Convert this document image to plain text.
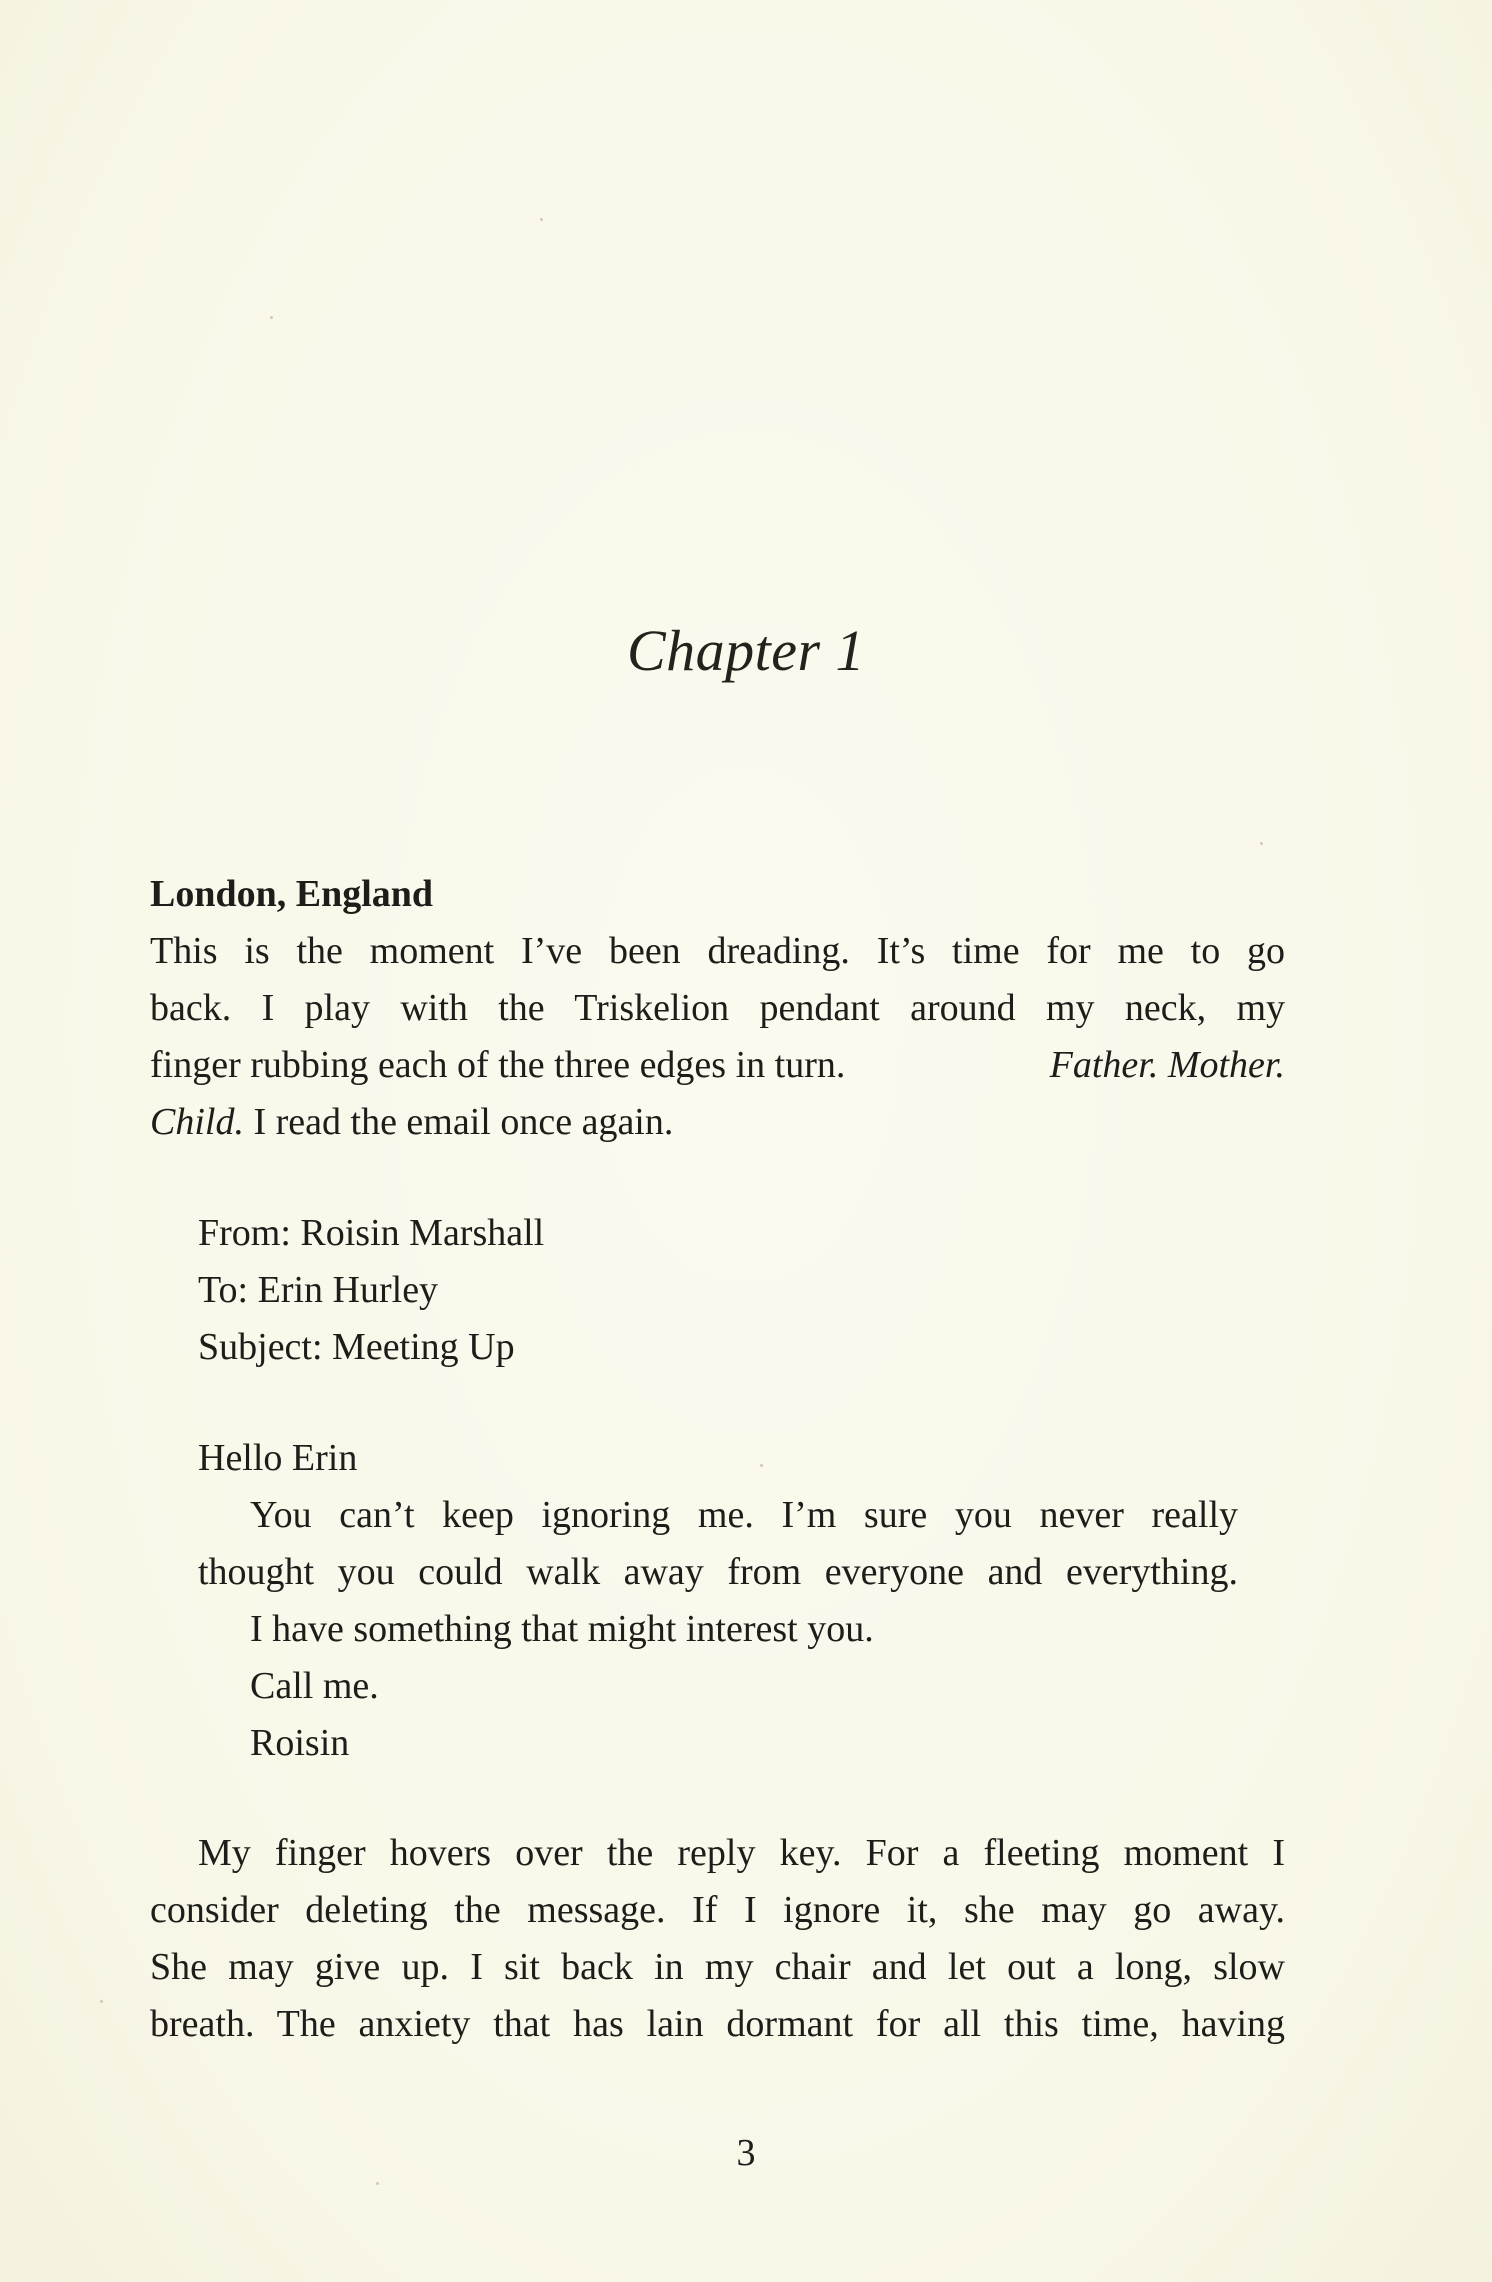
Chapter 1
London, England
This is the moment I’ve been dreading. It’s time for me to go
back. I play with the Triskelion pendant around my neck, my
finger rubbing each of the three edges in turn.	Father. Mother.
Child. I read the email once again.
From: Roisin Marshall
To: Erin Hurley
Subject: Meeting Up
Hello Erin
You can’t keep ignoring me. I’m sure you never really
thought you could walk away from everyone and everything.
I have something that might interest you.
Call me.
Roisin
My finger hovers over the reply key. For a fleeting moment I
consider deleting the message. If I ignore it, she may go away.
She may give up. I sit back in my chair and let out a long, slow
breath. The anxiety that has lain dormant for all this time, having
3
